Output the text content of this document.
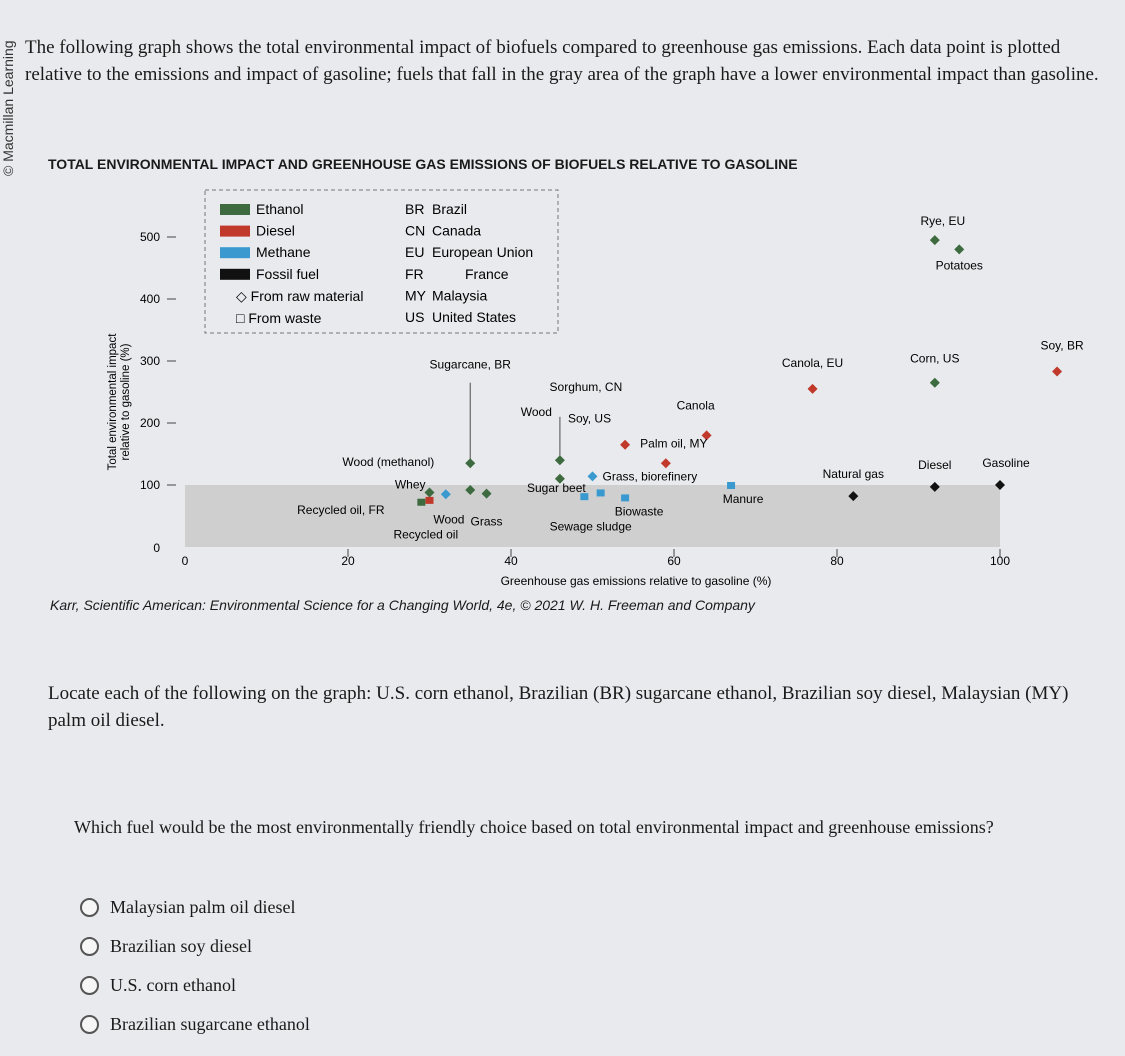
© Macmillan Learning The following graph shows the total environmental impact of biofuels compared to greenhouse gas emissions. Each data point is plotted relative to the emissions and impact of gasoline; fuels that fall in the gray area of the graph have a lower environmental impact than gasoline.
TOTAL ENVIRONMENTAL IMPACT AND GREENHOUSE GAS EMISSIONS OF BIOFUELS RELATIVE TO GASOLINE
0
100
200
300
400
500
0	20	40	60	80	100
Greenhouse gas emissions relative to gasoline (%)
Total environmental impactrelative to gasoline (%)
Ethanol
Diesel
Methane
Fossil fuel
◇ From raw material
□ From waste
BR Brazil
CN Canada
EU European Union
FR	France
MY Malaysia
US United States
Sugarcane, BR
Wood
Sorghum, CN
Whey
Wood (methanol)
Grass
Wood
Recycled oil, FR
Recycled oil
Soy, US
Canola
Palm oil, MY
Grass, biorefinery
Sugar beet
Biowaste
Manure
Sewage sludge
Canola, EU	Corn, US
Soy, BR
Rye, EU
Potatoes
Natural gas
Diesel	Gasoline
Karr, Scientific American: Environmental Science for a Changing World, 4e, © 2021 W. H. Freeman and Company
Locate each of the following on the graph: U.S. corn ethanol, Brazilian (BR) sugarcane ethanol, Brazilian soy diesel, Malaysian (MY) palm oil diesel.
Which fuel would be the most environmentally friendly choice based on total environmental impact and greenhouse emissions?
Malaysian palm oil diesel
Brazilian soy diesel
U.S. corn ethanol
Brazilian sugarcane ethanol
